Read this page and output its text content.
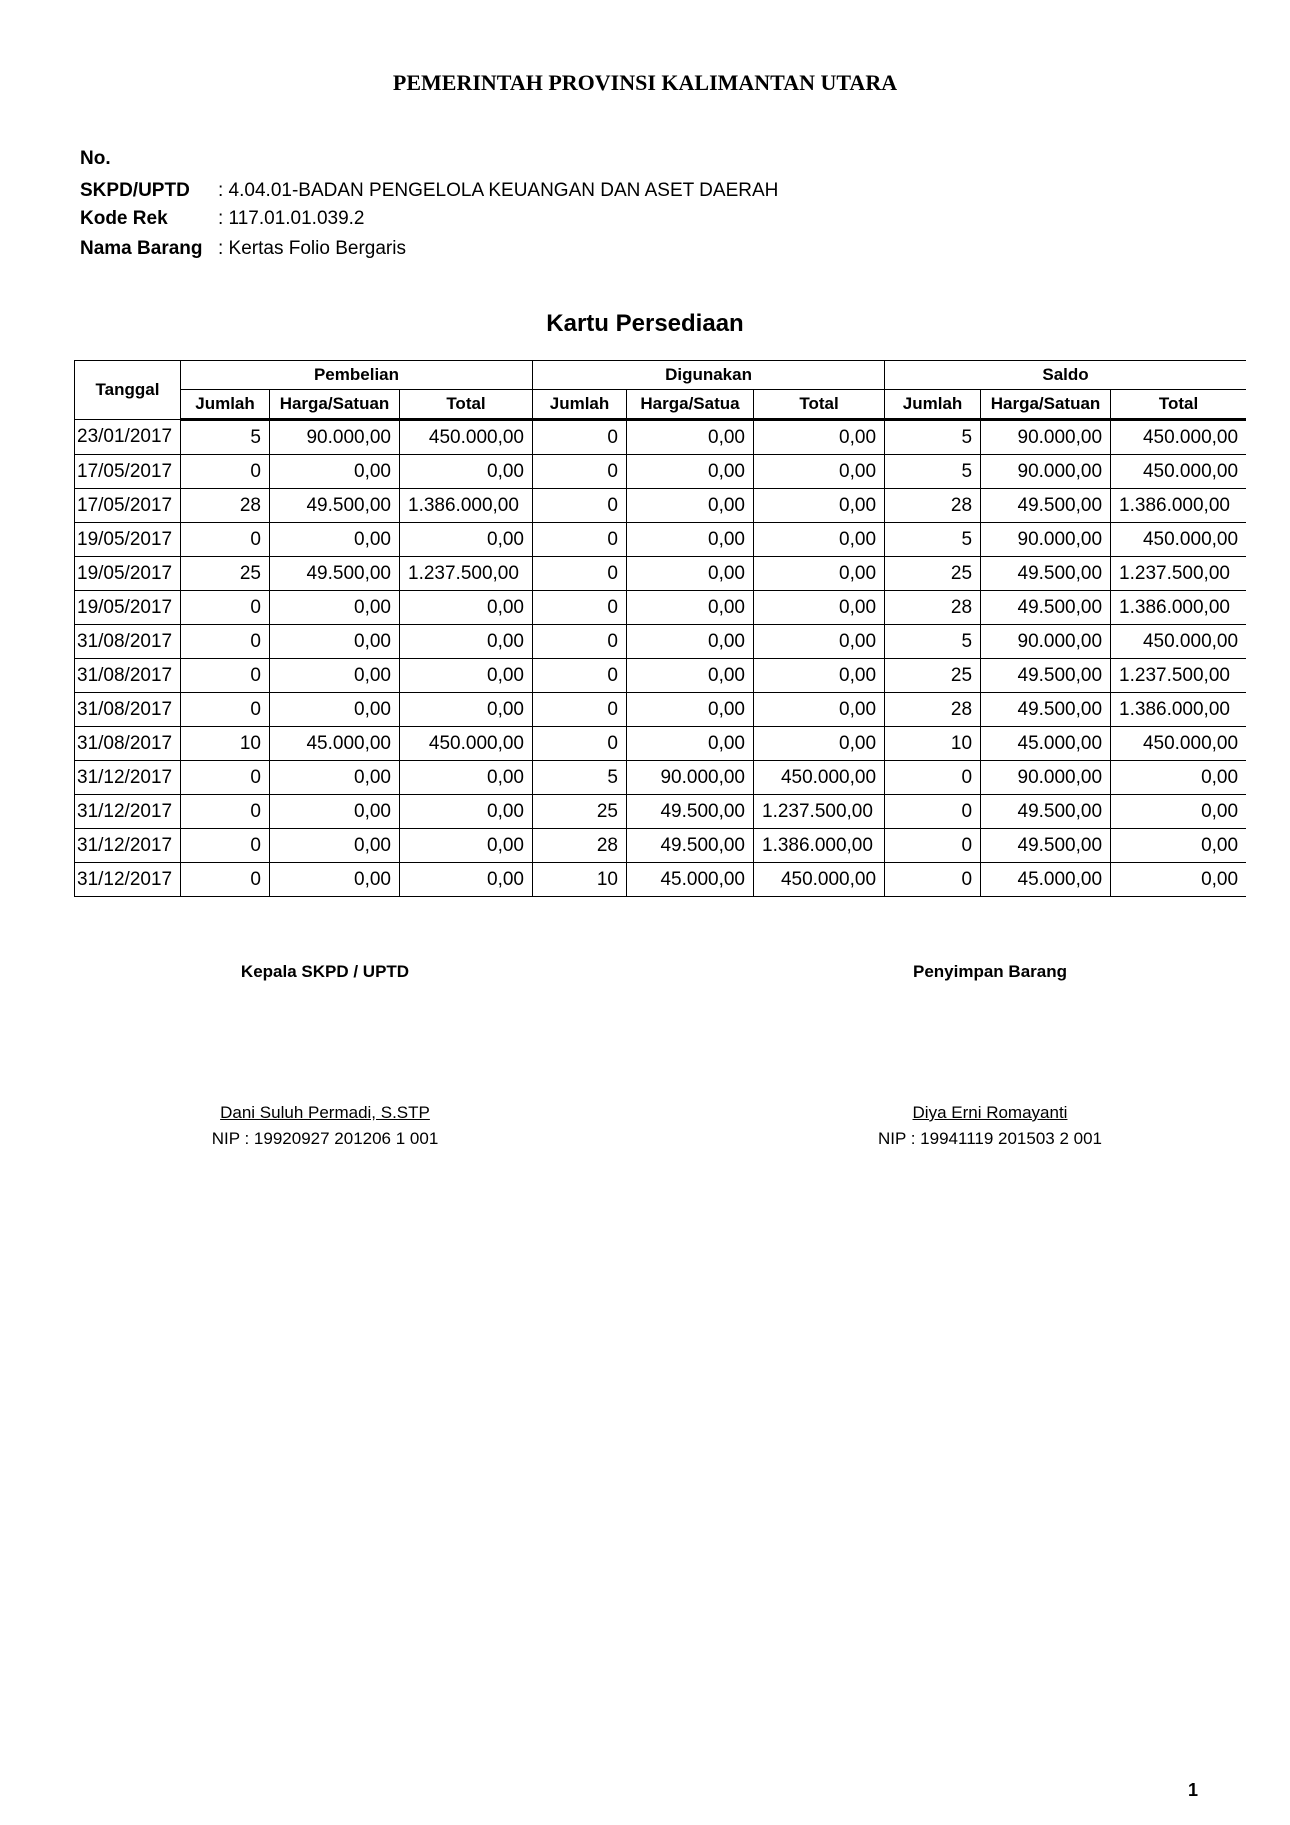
PEMERINTAH PROVINSI KALIMANTAN UTARA
No.
SKPD/UPTD : 4.04.01-BADAN PENGELOLA KEUANGAN DAN ASET DAERAH
Kode Rek	: 117.01.01.039.2
Nama Barang : Kertas Folio Bergaris
Kartu Persediaan
Tanggal	Pembelian			Digunakan			Saldo		
	Jumlah	Harga/Satuan	Total	Jumlah	Harga/Satua	Total	Jumlah	Harga/Satuan	Total
23/01/2017	5	90.000,00	450.000,00	0	0,00	0,00	5	90.000,00	450.000,00
17/05/2017	0	0,00	0,00	0	0,00	0,00	5	90.000,00	450.000,00
17/05/2017	28	49.500,00	1.386.000,00	0	0,00	0,00	28	49.500,00	1.386.000,00
19/05/2017	0	0,00	0,00	0	0,00	0,00	5	90.000,00	450.000,00
19/05/2017	25	49.500,00	1.237.500,00	0	0,00	0,00	25	49.500,00	1.237.500,00
19/05/2017	0	0,00	0,00	0	0,00	0,00	28	49.500,00	1.386.000,00
31/08/2017	0	0,00	0,00	0	0,00	0,00	5	90.000,00	450.000,00
31/08/2017	0	0,00	0,00	0	0,00	0,00	25	49.500,00	1.237.500,00
31/08/2017	0	0,00	0,00	0	0,00	0,00	28	49.500,00	1.386.000,00
31/08/2017	10	45.000,00	450.000,00	0	0,00	0,00	10	45.000,00	450.000,00
31/12/2017	0	0,00	0,00	5	90.000,00	450.000,00	0	90.000,00	0,00
31/12/2017	0	0,00	0,00	25	49.500,00	1.237.500,00	0	49.500,00	0,00
31/12/2017	0	0,00	0,00	28	49.500,00	1.386.000,00	0	49.500,00	0,00
31/12/2017	0	0,00	0,00	10	45.000,00	450.000,00	0	45.000,00	0,00
Kepala SKPD / UPTD
Dani Suluh Permadi, S.STP
NIP : 19920927 201206 1 001
Penyimpan Barang
Diya Erni Romayanti
NIP : 19941119 201503 2 001
1
